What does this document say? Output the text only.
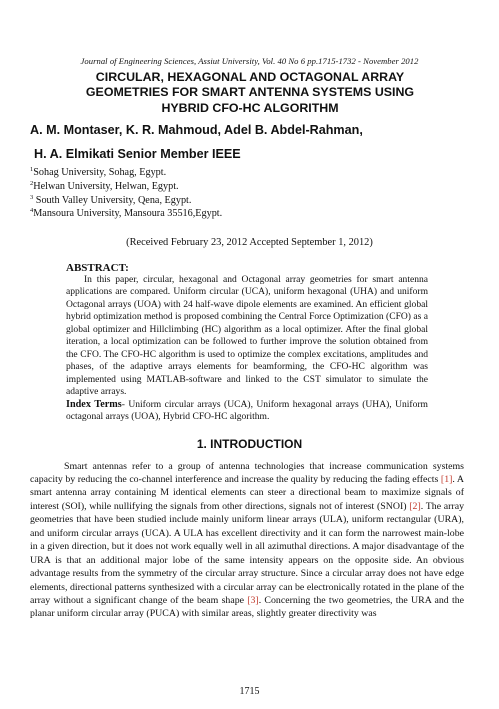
Journal of Engineering Sciences, Assiut University, Vol. 40 No 6 pp.1715-1732 - November 2012
CIRCULAR, HEXAGONAL AND OCTAGONAL ARRAY
GEOMETRIES FOR SMART ANTENNA SYSTEMS USING
HYBRID CFO-HC ALGORITHM
A. M. Montaser, K. R. Mahmoud, Adel B. Abdel-Rahman,
H. A. Elmikati Senior Member IEEE
$^1$Sohag University, Sohag, Egypt.
$^2$Helwan University, Helwan, Egypt.
$^3$ South Valley University, Qena, Egypt.
$^4$Mansoura University, Mansoura 35516,Egypt.
(Received February 23, 2012 Accepted September 1, 2012)
ABSTRACT:

In this paper, circular, hexagonal and Octagonal array geometries for smart antenna applications are compared. Uniform circular (UCA), uniform hexagonal (UHA) and uniform Octagonal arrays (UOA) with 24 half-wave dipole elements are examined. An efficient global hybrid optimization method is proposed combining the Central Force Optimization (CFO) as a global optimizer and Hillclimbing (HC) algorithm as a local optimizer. After the final global iteration, a local optimization can be followed to further improve the solution obtained from the CFO. The CFO-HC algorithm is used to optimize the complex excitations, amplitudes and phases, of the adaptive arrays elements for beamforming, the CFO-HC algorithm was implemented using MATLAB-software and linked to the CST simulator to simulate the adaptive arrays.

Index Terms- Uniform circular arrays (UCA), Uniform hexagonal arrays (UHA), Uniform octagonal arrays (UOA), Hybrid CFO-HC algorithm.

1. INTRODUCTION

Smart antennas refer to a group of antenna technologies that increase communication systems capacity by reducing the co-channel interference and increase the quality by reducing the fading effects [1]. A smart antenna array containing M identical elements can steer a directional beam to maximize signals of interest (SOI), while nullifying the signals from other directions, signals not of interest (SNOI) [2]. The array geometries that have been studied include mainly uniform linear arrays (ULA), uniform rectangular (URA), and uniform circular arrays (UCA). A ULA has excellent directivity and it can form the narrowest main-lobe in a given direction, but it does not work equally well in all azimuthal directions. A major disadvantage of the URA is that an additional major lobe of the same intensity appears on the opposite side. An obvious advantage results from the symmetry of the circular array structure. Since a circular array does not have edge elements, directional patterns synthesized with a circular array can be electronically rotated in the plane of the array without a significant change of the beam shape [3]. Concerning the two geometries, the URA and the planar uniform circular array (PUCA) with similar areas, slightly greater directivity was

1715
